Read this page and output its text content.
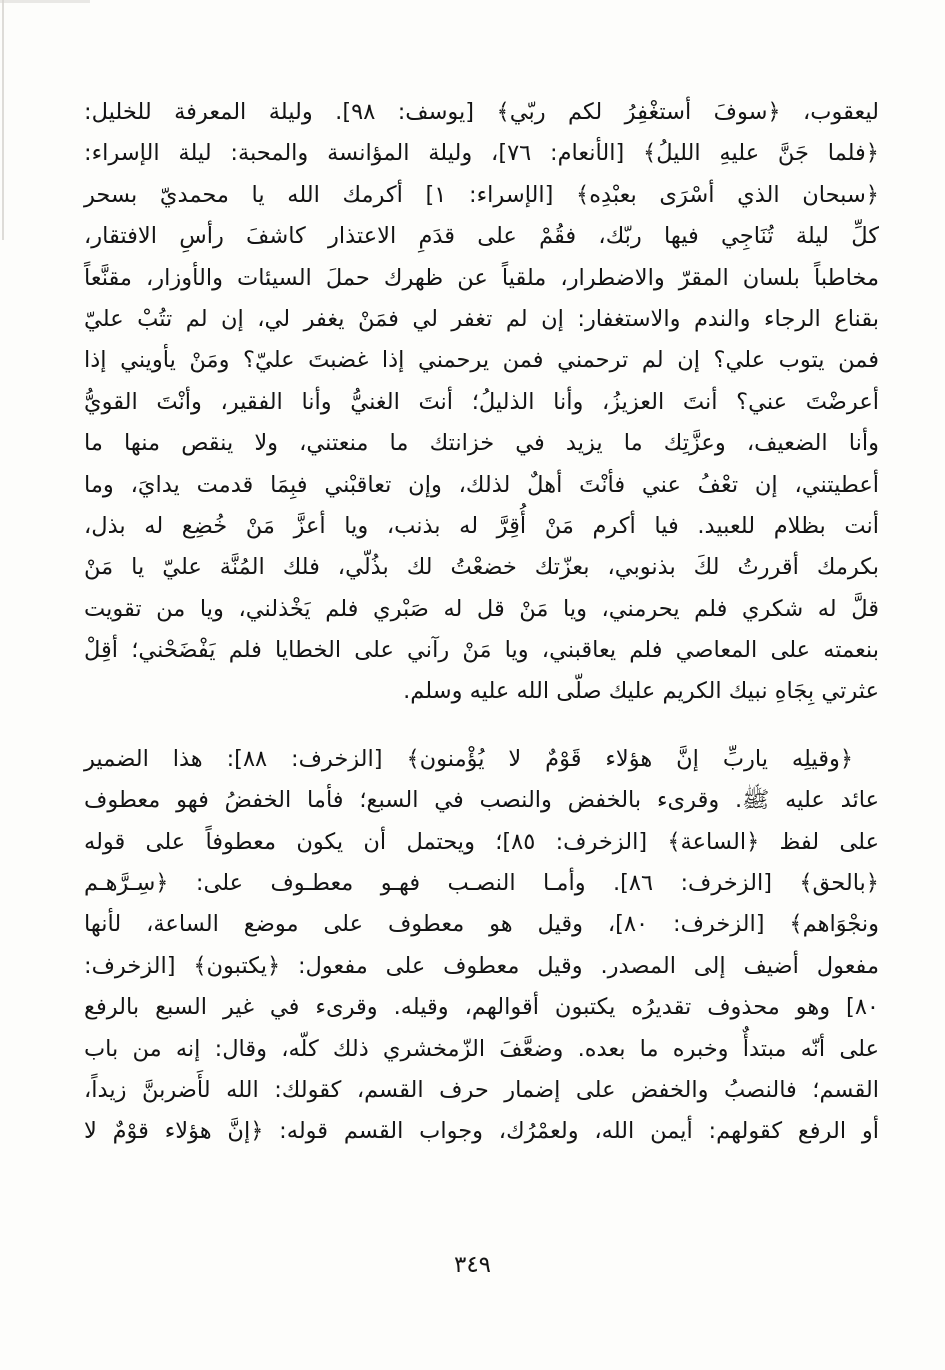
ليعقوب، ﴿سوفَ أستغْفِرُ لكم ربّي﴾ [يوسف: ٩٨]. وليلة المعرفة للخليل:
﴿فلما جَنَّ عليهِ الليلُ﴾ [الأنعام: ٧٦]، وليلة المؤانسة والمحبة: ليلة الإسراء:
﴿سبحان الذي أسْرَى بعبْدِه﴾ [الإسراء: ١] أكرمك الله يا محمديّ بسحر
كلِّ ليلة تُنَاجِي فيها ربّك، فقُمْ على قدَمِ الاعتذار كاشفَ رأسِ الافتقار،
مخاطباً بلسان المقرّ والاضطرار، ملقياً عن ظهرك حملَ السيئات والأوزار، مقنَّعاً
بقناع الرجاء والندم والاستغفار: إن لم تغفر لي فمَنْ يغفر لي، إن لم تتُبْ عليّ
فمن يتوب علي؟ إن لم ترحمني فمن يرحمني إذا غضبتَ عليّ؟ ومَنْ يأويني إذا
أعرضْتَ عني؟ أنتَ العزيزُ، وأنا الذليلُ؛ أنتَ الغنيُّ وأنا الفقير، وأنْتَ القويُّ
وأنا الضعيف، وعزَّتِك ما يزيد في خزانتك ما منعتني، ولا ينقص منها ما
أعطيتني، إن تعْفُ عني فأنْتَ أهلٌ لذلك، وإن تعاقبْني فبِمَا قدمت يدايَ، وما
أنت بظلام للعبيد. فيا أكرم مَنْ أُقِرَّ له بذنب، ويا أعزَّ مَنْ خُضِع له بذل،
بكرمك أقررتُ لكَ بذنوبي، بعزّتك خضعْتُ لك بذُلّي، فلك المُنَّة عليّ يا مَنْ
قلَّ له شكري فلم يحرمني، ويا مَنْ قل له صَبْري فلم يَخْذلني، ويا من تقويت
بنعمته على المعاصي فلم يعاقبني، ويا مَنْ رآني على الخطايا فلم يَفْضَحْني؛ أقِلْ
عثرتي بِجَاهِ نبيك الكريم عليك صلّى الله عليه وسلم.
﴿وقيلِه ياربِّ إنَّ هؤلاء قَوْمٌ لا يُؤْمنون﴾ [الزخرف: ٨٨]: هذا الضمير
عائد عليه ﷺ. وقرىء بالخفض والنصب في السبع؛ فأما الخفضُ فهو معطوف
على لفظ ﴿الساعة﴾ [الزخرف: ٨٥]؛ ويحتمل أن يكون معطوفاً على قوله
﴿بالحق﴾ [الزخرف: ٨٦]. وأمـا النصـب فهـو معطـوف على: ﴿سِـرَّهـم
ونجْوَاهم﴾ [الزخرف: ٨٠]، وقيل هو معطوف على موضع الساعة، لأنها
مفعول أضيف إلى المصدر. وقيل معطوف على مفعول: ﴿يكتبون﴾ [الزخرف:
٨٠] وهو محذوف تقديرُه يكتبون أقوالهم، وقيله. وقرىء في غير السبع بالرفع
على أنّه مبتدأٌ وخبره ما بعده. وضعَّفَ الزّمخشري ذلك كلّه، وقال: إنه من باب
القسم؛ فالنصبُ والخفض على إضمار حرف القسم، كقولك: الله لأَضربنَّ زيداً،
أو الرفع كقولهم: أيمن الله، ولعمْرُك، وجواب القسم قوله: ﴿إنَّ هؤلاء قوْمٌ لا
٣٤٩
